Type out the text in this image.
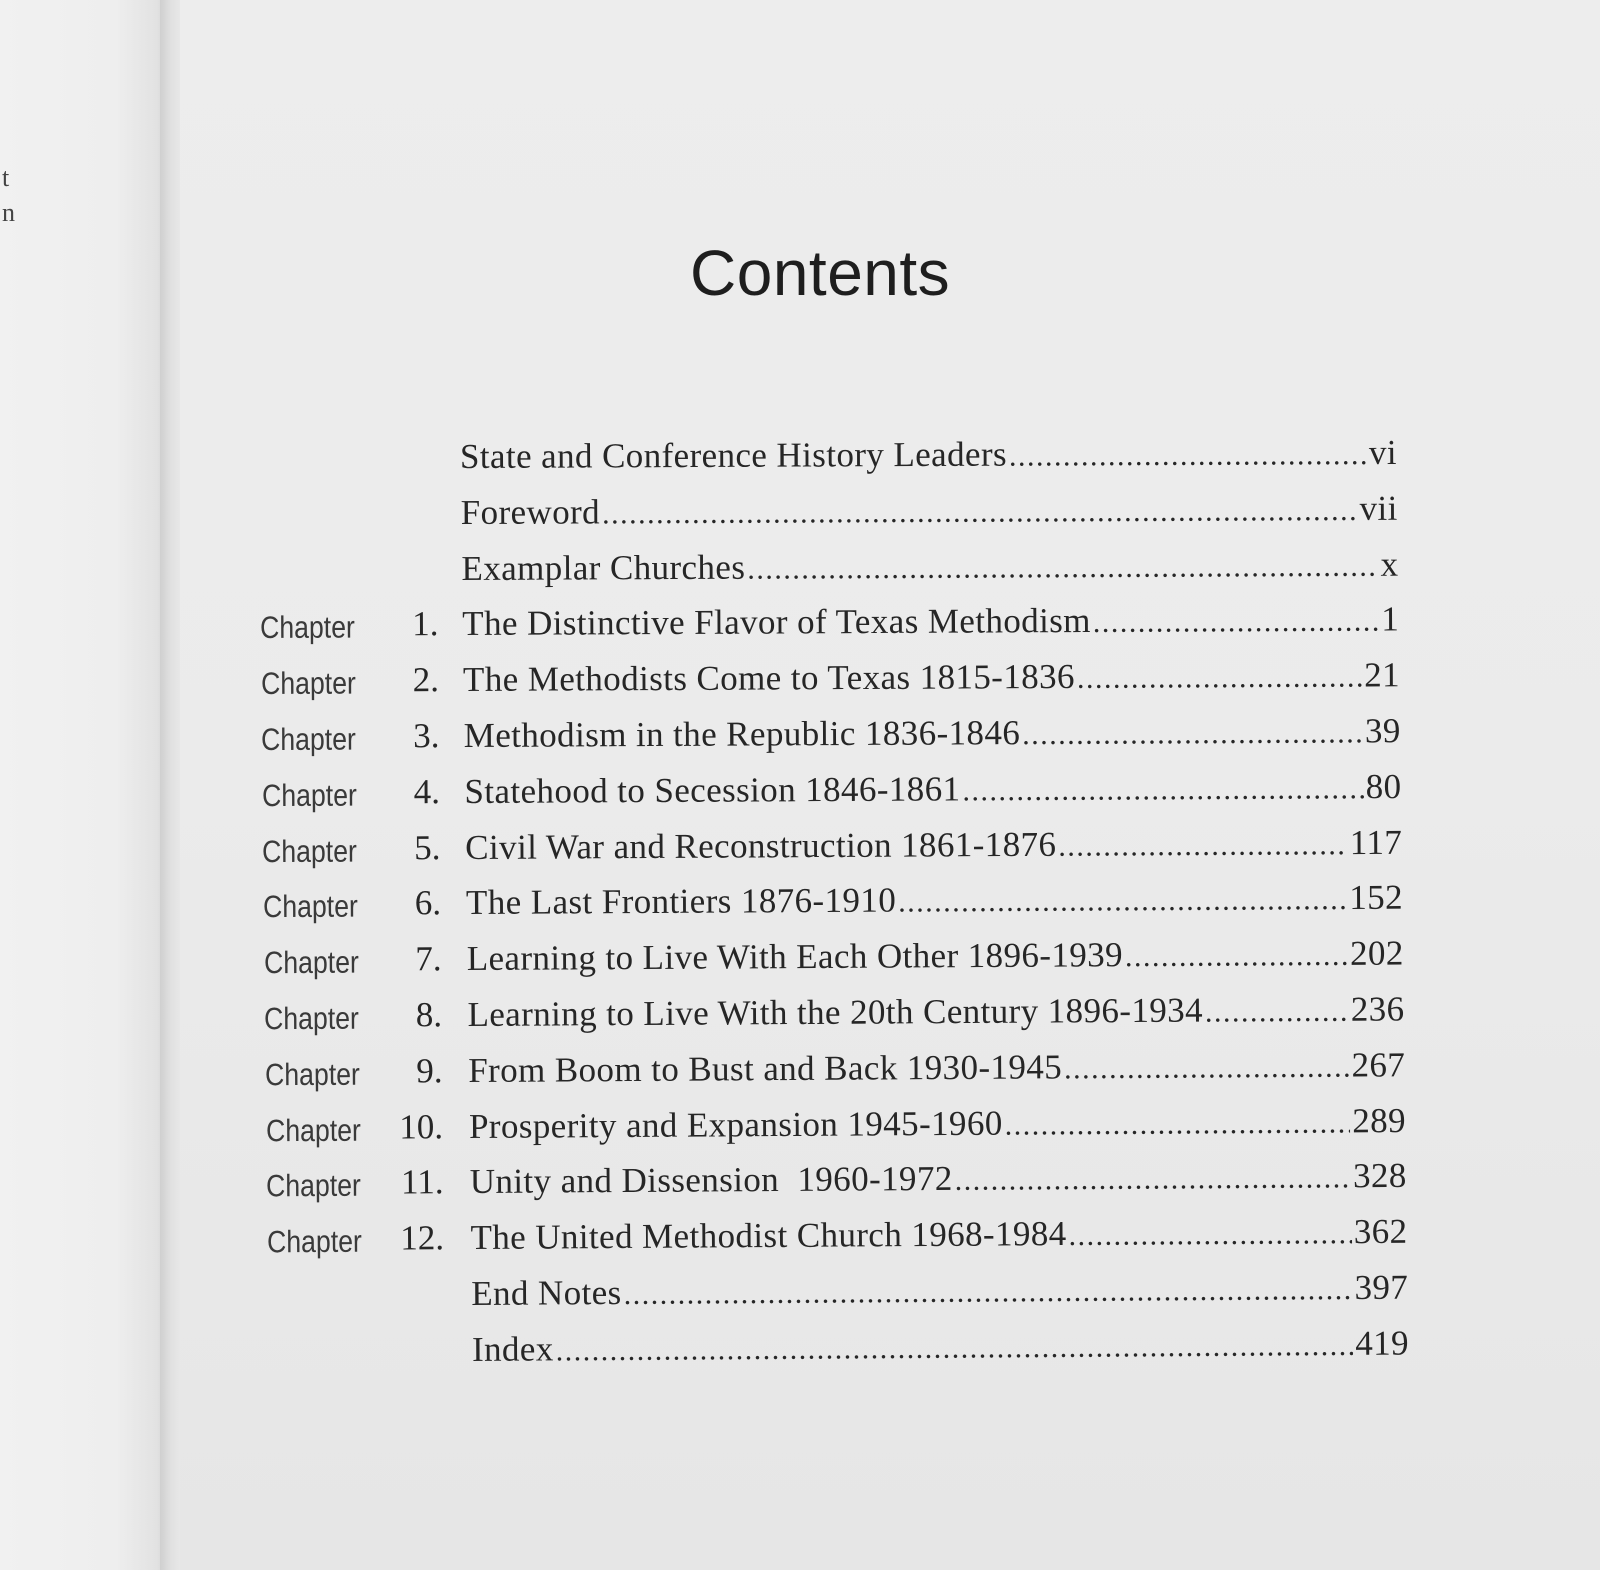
t
n
Contents
State and Conference History Leaders .....	vi
Foreword .....	vii
Examplar Churches .....	x
Chapter	1. The Distinctive Flavor of Texas Methodism .....	1
Chapter	2. The Methodists Come to Texas 1815-1836 .....	21
Chapter	3. Methodism in the Republic 1836-1846 .....	39
Chapter	4. Statehood to Secession 1846-1861 .....	80
Chapter	5. Civil War and Reconstruction 1861-1876 .....	117
Chapter	6. The Last Frontiers 1876-1910 .....	152
Chapter	7. Learning to Live With Each Other 1896-1939 .....	202
Chapter	8. Learning to Live With the 20th Century 1896-1934 .....	236
Chapter	9. From Boom to Bust and Back 1930-1945 .....	267
Chapter	10. Prosperity and Expansion 1945-1960 .....	289
Chapter	11. Unity and Dissension  1960-1972 .....	328
Chapter	12. The United Methodist Church 1968-1984 .....	362
End Notes .....	397
Index .....	419
